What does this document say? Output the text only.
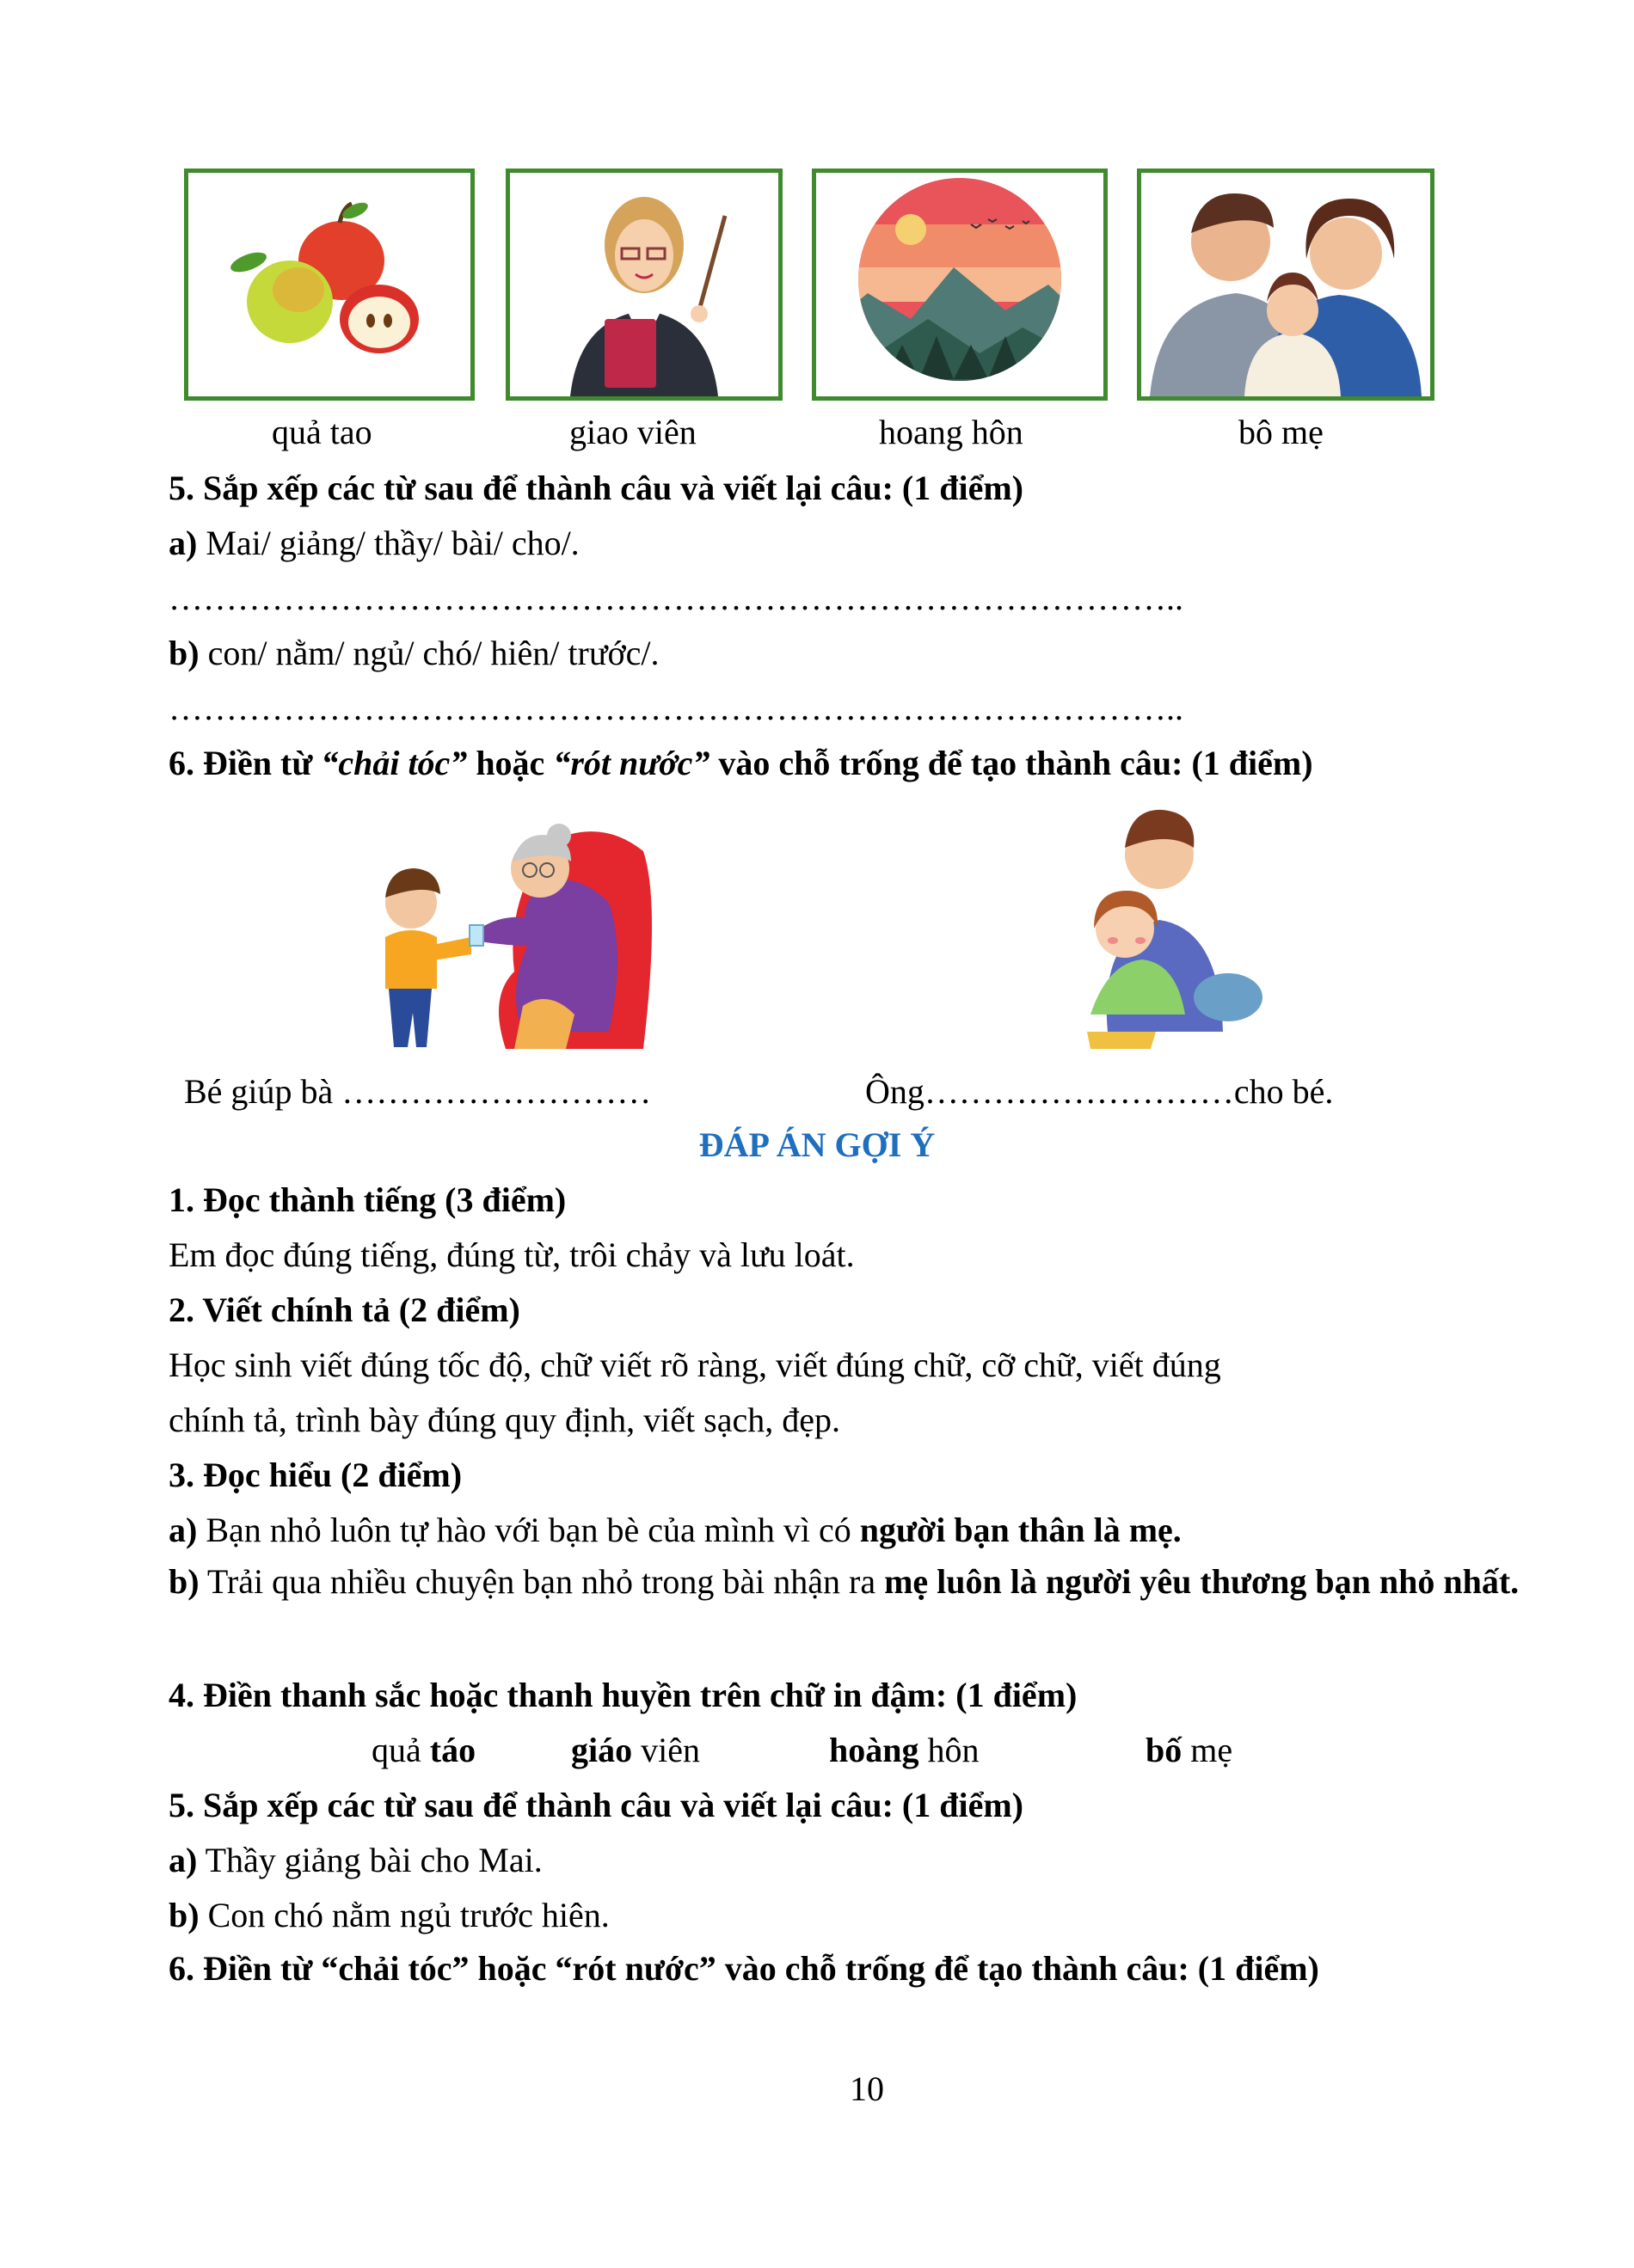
quả tao	giao viên	hoang hôn	bô mẹ
5. Sắp xếp các từ sau để thành câu và viết lại câu: (1 điểm)
a) Mai/ giảng/ thầy/ bài/ cho/.
……………………………………………………………………………..
b) con/ nằm/ ngủ/ chó/ hiên/ trước/.
……………………………………………………………………………..
6. Điền từ “chải tóc” hoặc “rót nước” vào chỗ trống để tạo thành câu: (1 điểm)
Bé giúp bà ………………………	Ông………………………cho bé.
ĐÁP ÁN GỢI Ý
1. Đọc thành tiếng (3 điểm)
Em đọc đúng tiếng, đúng từ, trôi chảy và lưu loát.
2. Viết chính tả (2 điểm)
Học sinh viết đúng tốc độ, chữ viết rõ ràng, viết đúng chữ, cỡ chữ, viết đúng
chính tả, trình bày đúng quy định, viết sạch, đẹp.
3. Đọc hiểu (2 điểm)
a) Bạn nhỏ luôn tự hào với bạn bè của mình vì có người bạn thân là mẹ.
b) Trải qua nhiều chuyện bạn nhỏ trong bài nhận ra mẹ luôn là người yêu thương bạn nhỏ nhất.
4. Điền thanh sắc hoặc thanh huyền trên chữ in đậm: (1 điểm)
quả táo	giáo viên	hoàng hôn	bố mẹ
5. Sắp xếp các từ sau để thành câu và viết lại câu: (1 điểm)
a) Thầy giảng bài cho Mai.
b) Con chó nằm ngủ trước hiên.
6. Điền từ “chải tóc” hoặc “rót nước” vào chỗ trống để tạo thành câu: (1 điểm)
10
